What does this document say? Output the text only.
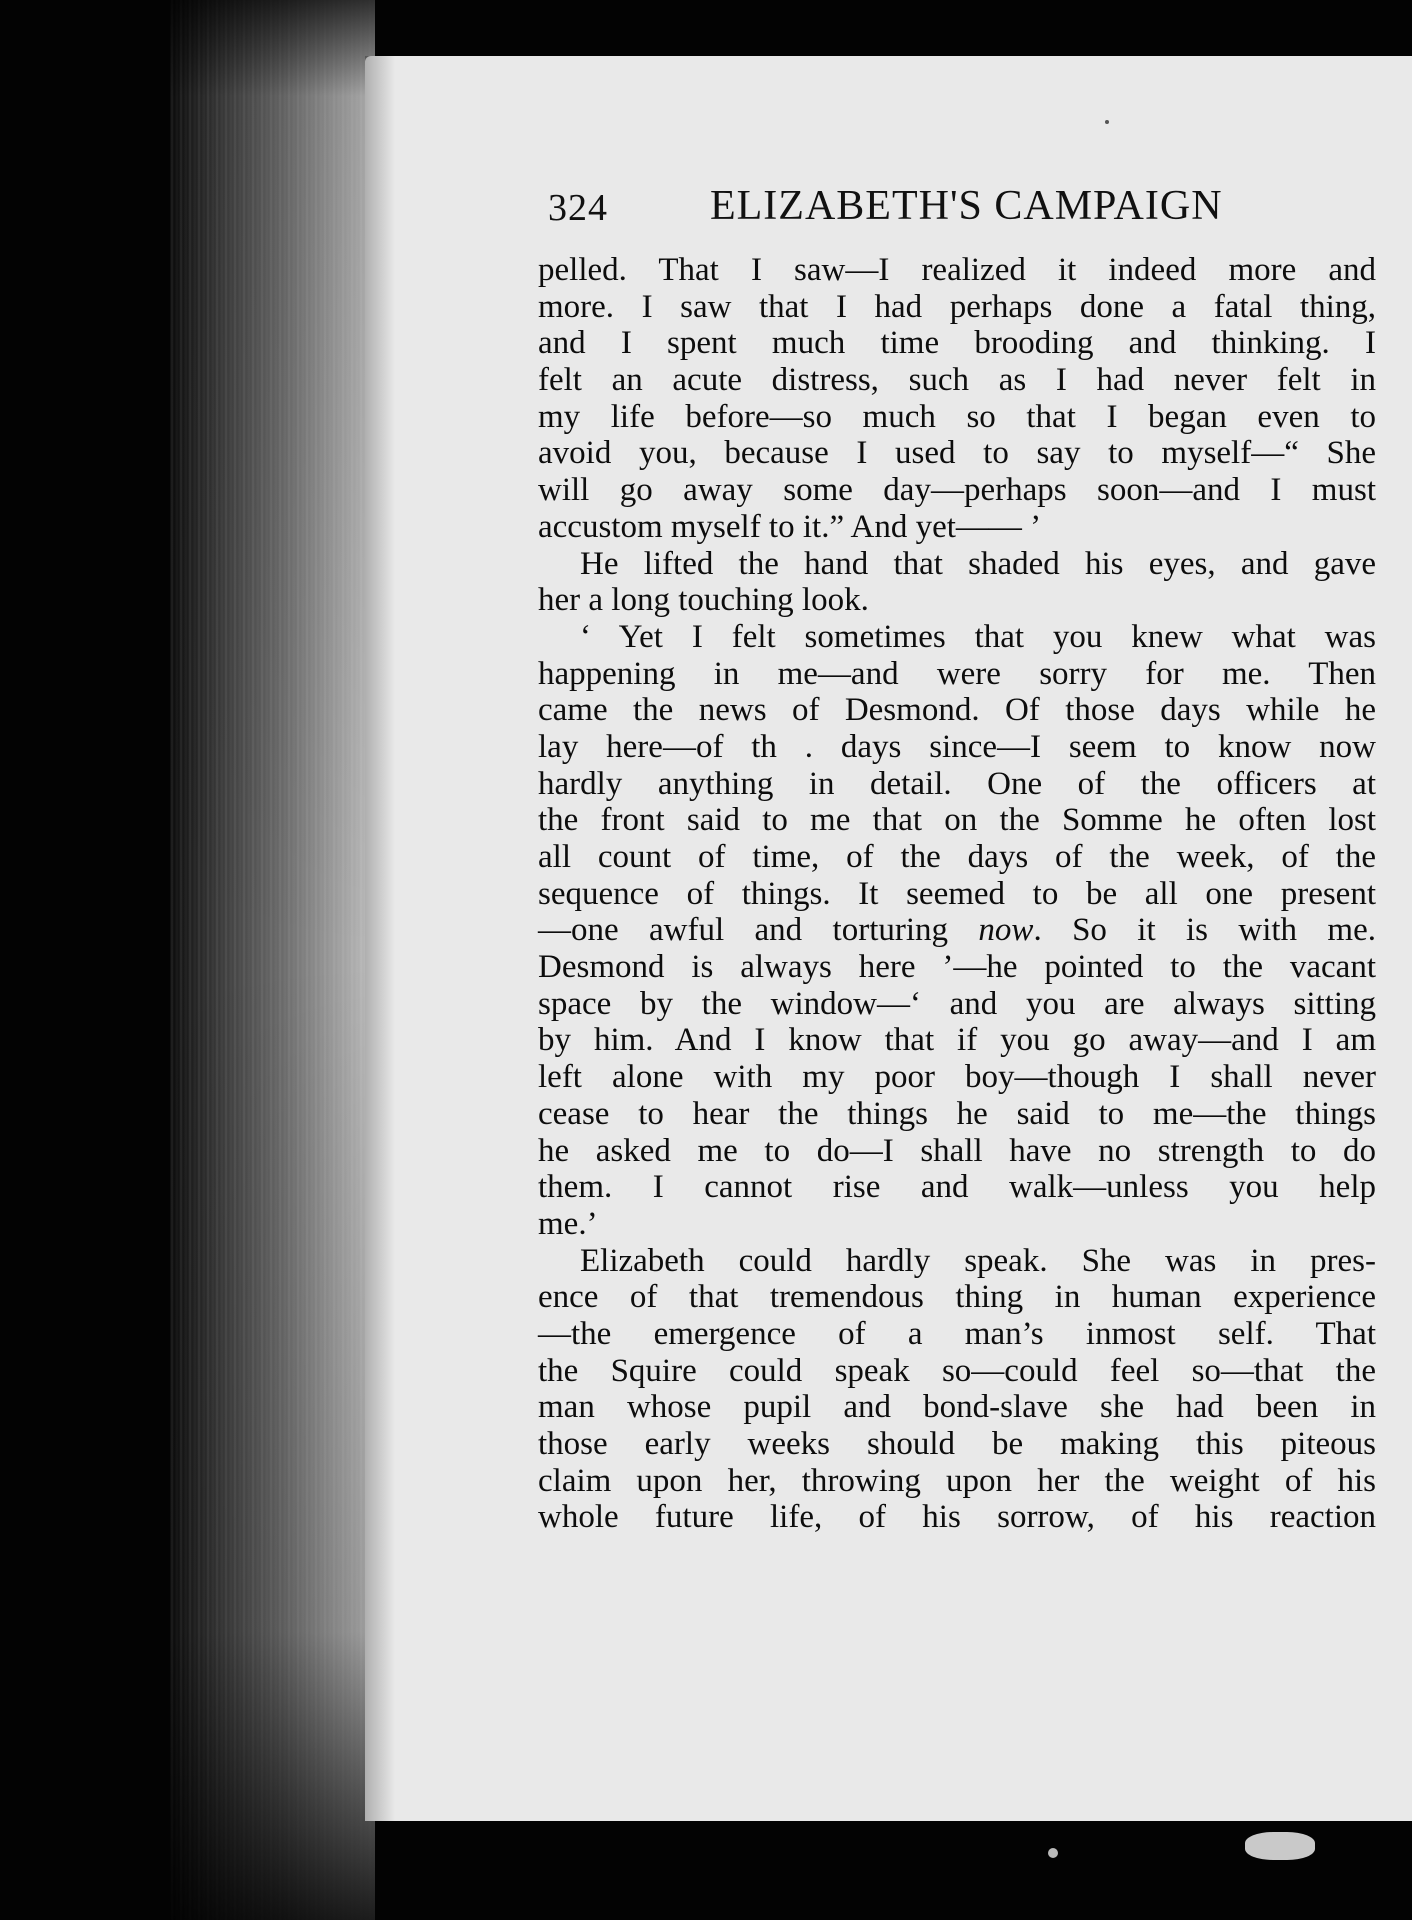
324 ELIZABETH'S CAMPAIGN
pelled. That I saw—I realized it indeed more and
more. I saw that I had perhaps done a fatal thing,
and I spent much time brooding and thinking. I
felt an acute distress, such as I had never felt in
my life before—so much so that I began even to
avoid you, because I used to say to myself—“ She
will go away some day—perhaps soon—and I must
accustom myself to it.” And yet—— ’
He lifted the hand that shaded his eyes, and gave
her a long touching look.
‘ Yet I felt sometimes that you knew what was
happening in me—and were sorry for me. Then
came the news of Desmond. Of those days while he
lay here—of th . days since—I seem to know now
hardly anything in detail. One of the officers at
the front said to me that on the Somme he often lost
all count of time, of the days of the week, of the
sequence of things. It seemed to be all one present
—one awful and torturing now. So it is with me.
Desmond is always here ’—he pointed to the vacant
space by the window—‘ and you are always sitting
by him. And I know that if you go away—and I am
left alone with my poor boy—though I shall never
cease to hear the things he said to me—the things
he asked me to do—I shall have no strength to do
them. I cannot rise and walk—unless you help
me.’
Elizabeth could hardly speak. She was in pres-
ence of that tremendous thing in human experience
—the emergence of a man’s inmost self. That
the Squire could speak so—could feel so—that the
man whose pupil and bond-slave she had been in
those early weeks should be making this piteous
claim upon her, throwing upon her the weight of his
whole future life, of his sorrow, of his reaction
